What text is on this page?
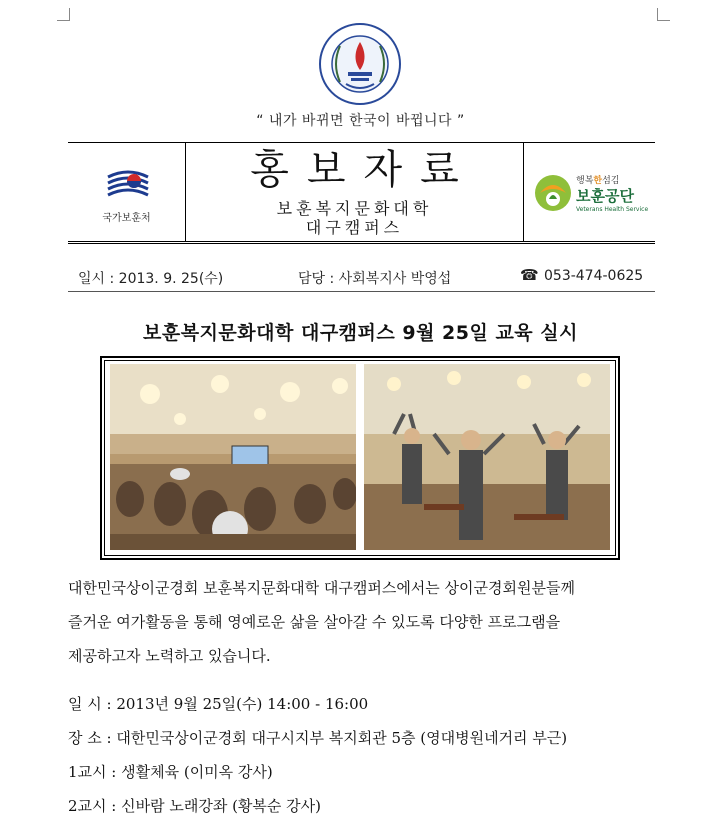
“ 내가 바뀌면 한국이 바뀝니다 ”
국가보훈처
홍보자료
보훈복지문화대학
대구캠퍼스
행복한섬김
보훈공단
Veterans Health Service
일시 : 2013. 9. 25(수)	담당 : 사회복지사 박영섭	☎ 053-474-0625
보훈복지문화대학 대구캠퍼스 9월 25일 교육 실시
대한민국상이군경회 보훈복지문화대학 대구캠퍼스에서는 상이군경회원분들께
즐거운 여가활동을 통해 영예로운 삶을 살아갈 수 있도록 다양한 프로그램을
제공하고자 노력하고 있습니다.
일 시 : 2013년 9월 25일(수) 14:00 - 16:00
장 소 : 대한민국상이군경회 대구시지부 복지회관 5층 (영대병원네거리 부근)
1교시 : 생활체육 (이미옥 강사)
2교시 : 신바람 노래강좌 (황복순 강사)
